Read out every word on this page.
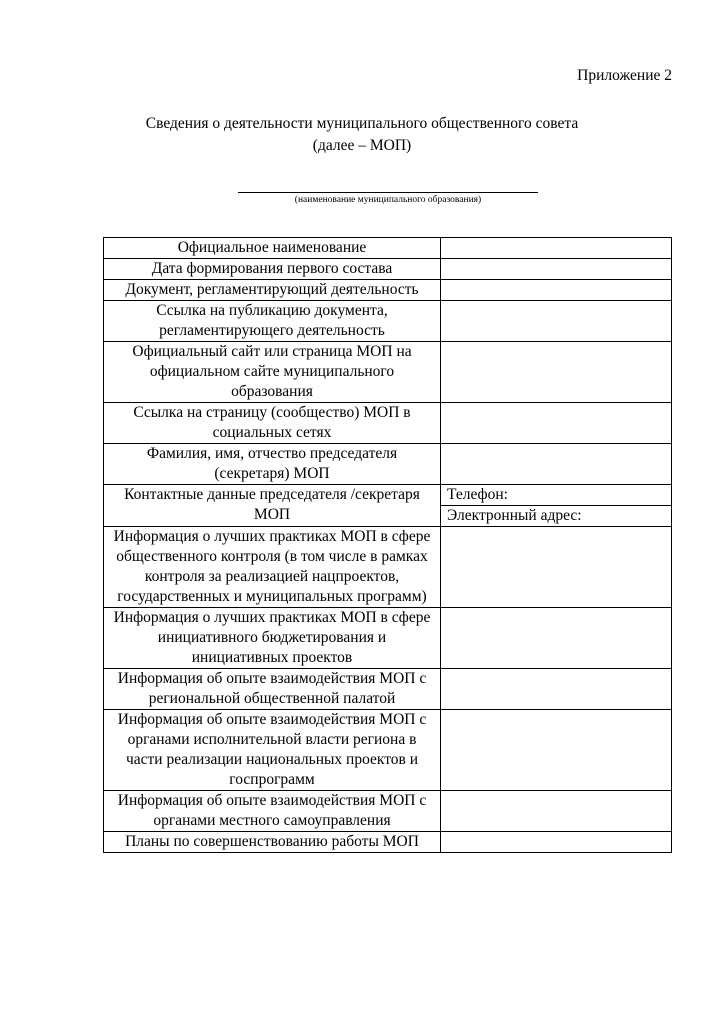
Приложение 2
Сведения о деятельности муниципального общественного совета
(далее – МОП)
(наименование муниципального образования)
Официальное наименование	
Дата формирования первого состава	
Документ, регламентирующий деятельность	
Ссылка на публикацию документа, регламентирующего деятельность	
Официальный сайт или страница МОП на официальном сайте муниципального образования	
Ссылка на страницу (сообщество) МОП в социальных сетях	
Фамилия, имя, отчество председателя (секретаря) МОП	
Контактные данные председателя /секретаря МОП	Телефон:
	Электронный адрес:
Информация о лучших практиках МОП в сфере общественного контроля (в том числе в рамках контроля за реализацией нацпроектов, государственных и муниципальных программ)	
Информация о лучших практиках МОП в сфере инициативного бюджетирования и инициативных проектов	
Информация об опыте взаимодействия МОП с региональной общественной палатой	
Информация об опыте взаимодействия МОП с органами исполнительной власти региона в части реализации национальных проектов и госпрограмм	
Информация об опыте взаимодействия МОП с органами местного самоуправления	
Планы по совершенствованию работы МОП	
